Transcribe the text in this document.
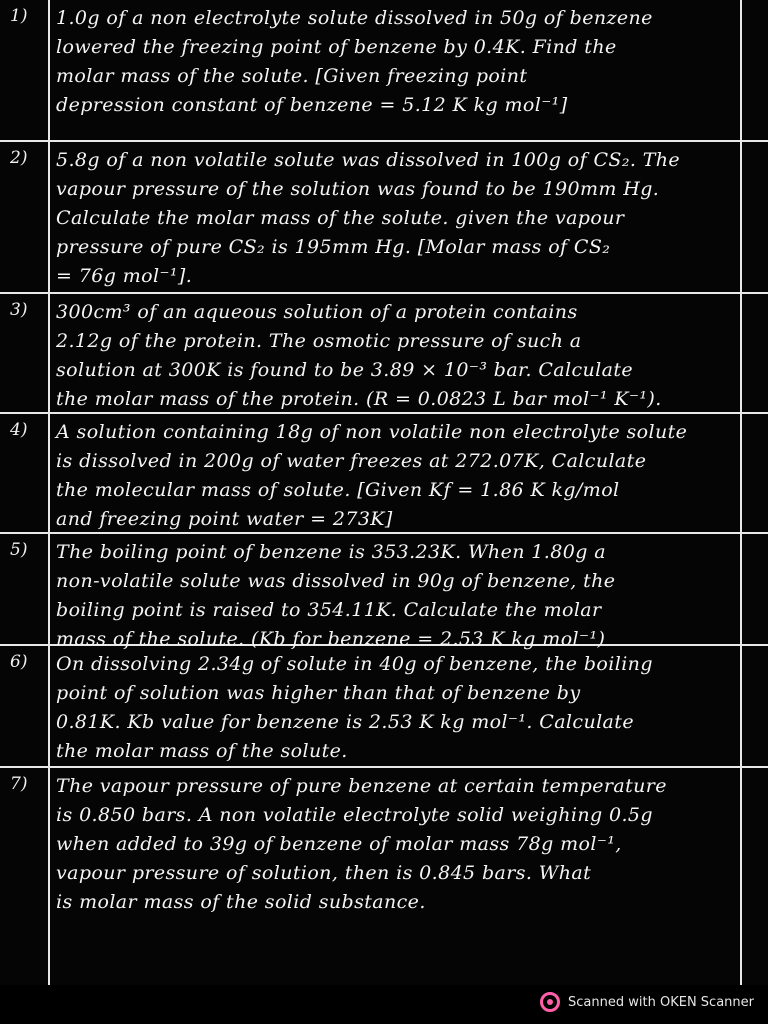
1) 1.0g of a non electrolyte solute dissolved in 50g of benzene
lowered the freezing point of benzene by 0.4K. Find the
molar mass of the solute. [Given freezing point
depression constant of benzene = 5.12 K kg mol⁻¹]
2) 5.8g of a non volatile solute was dissolved in 100g of CS₂. The
vapour pressure of the solution was found to be 190mm Hg.
Calculate the molar mass of the solute. given the vapour
pressure of pure CS₂ is 195mm Hg. [Molar mass of CS₂
= 76g mol⁻¹].
3) 300cm³ of an aqueous solution of a protein contains
2.12g of the protein. The osmotic pressure of such a
solution at 300K is found to be 3.89 × 10⁻³ bar. Calculate
the molar mass of the protein. (R = 0.0823 L bar mol⁻¹ K⁻¹).
4) A solution containing 18g of non volatile non electrolyte solute
is dissolved in 200g of water freezes at 272.07K, Calculate
the molecular mass of solute. [Given Kf = 1.86 K kg/mol
and freezing point water = 273K]
5) The boiling point of benzene is 353.23K. When 1.80g a
non-volatile solute was dissolved in 90g of benzene, the
boiling point is raised to 354.11K. Calculate the molar
mass of the solute. (Kb for benzene = 2.53 K kg mol⁻¹)
6) On dissolving 2.34g of solute in 40g of benzene, the boiling
point of solution was higher than that of benzene by
0.81K. Kb value for benzene is 2.53 K kg mol⁻¹. Calculate
the molar mass of the solute.
7) The vapour pressure of pure benzene at certain temperature
is 0.850 bars. A non volatile electrolyte solid weighing 0.5g
when added to 39g of benzene of molar mass 78g mol⁻¹,
vapour pressure of solution, then is 0.845 bars. What
is molar mass of the solid substance.
Scanned with OKEN Scanner
